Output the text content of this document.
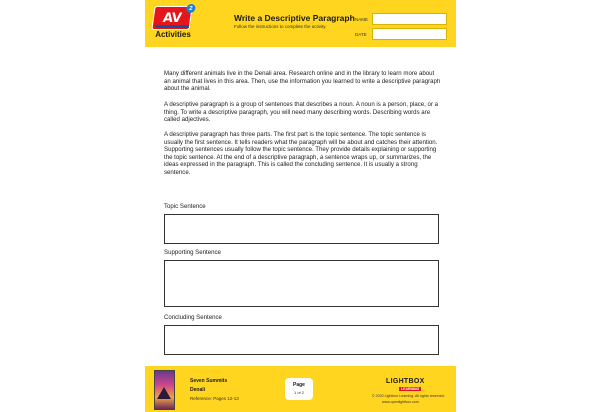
AV
2
Activities
Write a Descriptive Paragraph
Follow the instructions to complete the activity.
NAME
DATE

Many different animals live in the Denali area. Research online and in the library to learn more about an animal that lives in this area. Then, use the information you learned to write a descriptive paragraph about the animal.

A descriptive paragraph is a group of sentences that describes a noun. A noun is a person, place, or a thing. To write a descriptive paragraph, you will need many describing words. Describing words are called adjectives.

A descriptive paragraph has three parts. The first part is the topic sentence. The topic sentence is usually the first sentence. It tells readers what the paragraph will be about and catches their attention. Supporting sentences usually follow the topic sentence. They provide details explaining or supporting the topic sentence. At the end of a descriptive paragraph, a sentence wraps up, or summarizes, the ideas expressed in the paragraph. This is called the concluding sentence. It is usually a strong sentence.

Topic Sentence
Supporting Sentence
Concluding Sentence
Seven Summits
Denali
Reference: Pages 12-13
Page
1 of 2
LIGHTBOX
LEARNING
© 2020 Lightbox Learning. All rights reserved.
www.openlightbox.com
